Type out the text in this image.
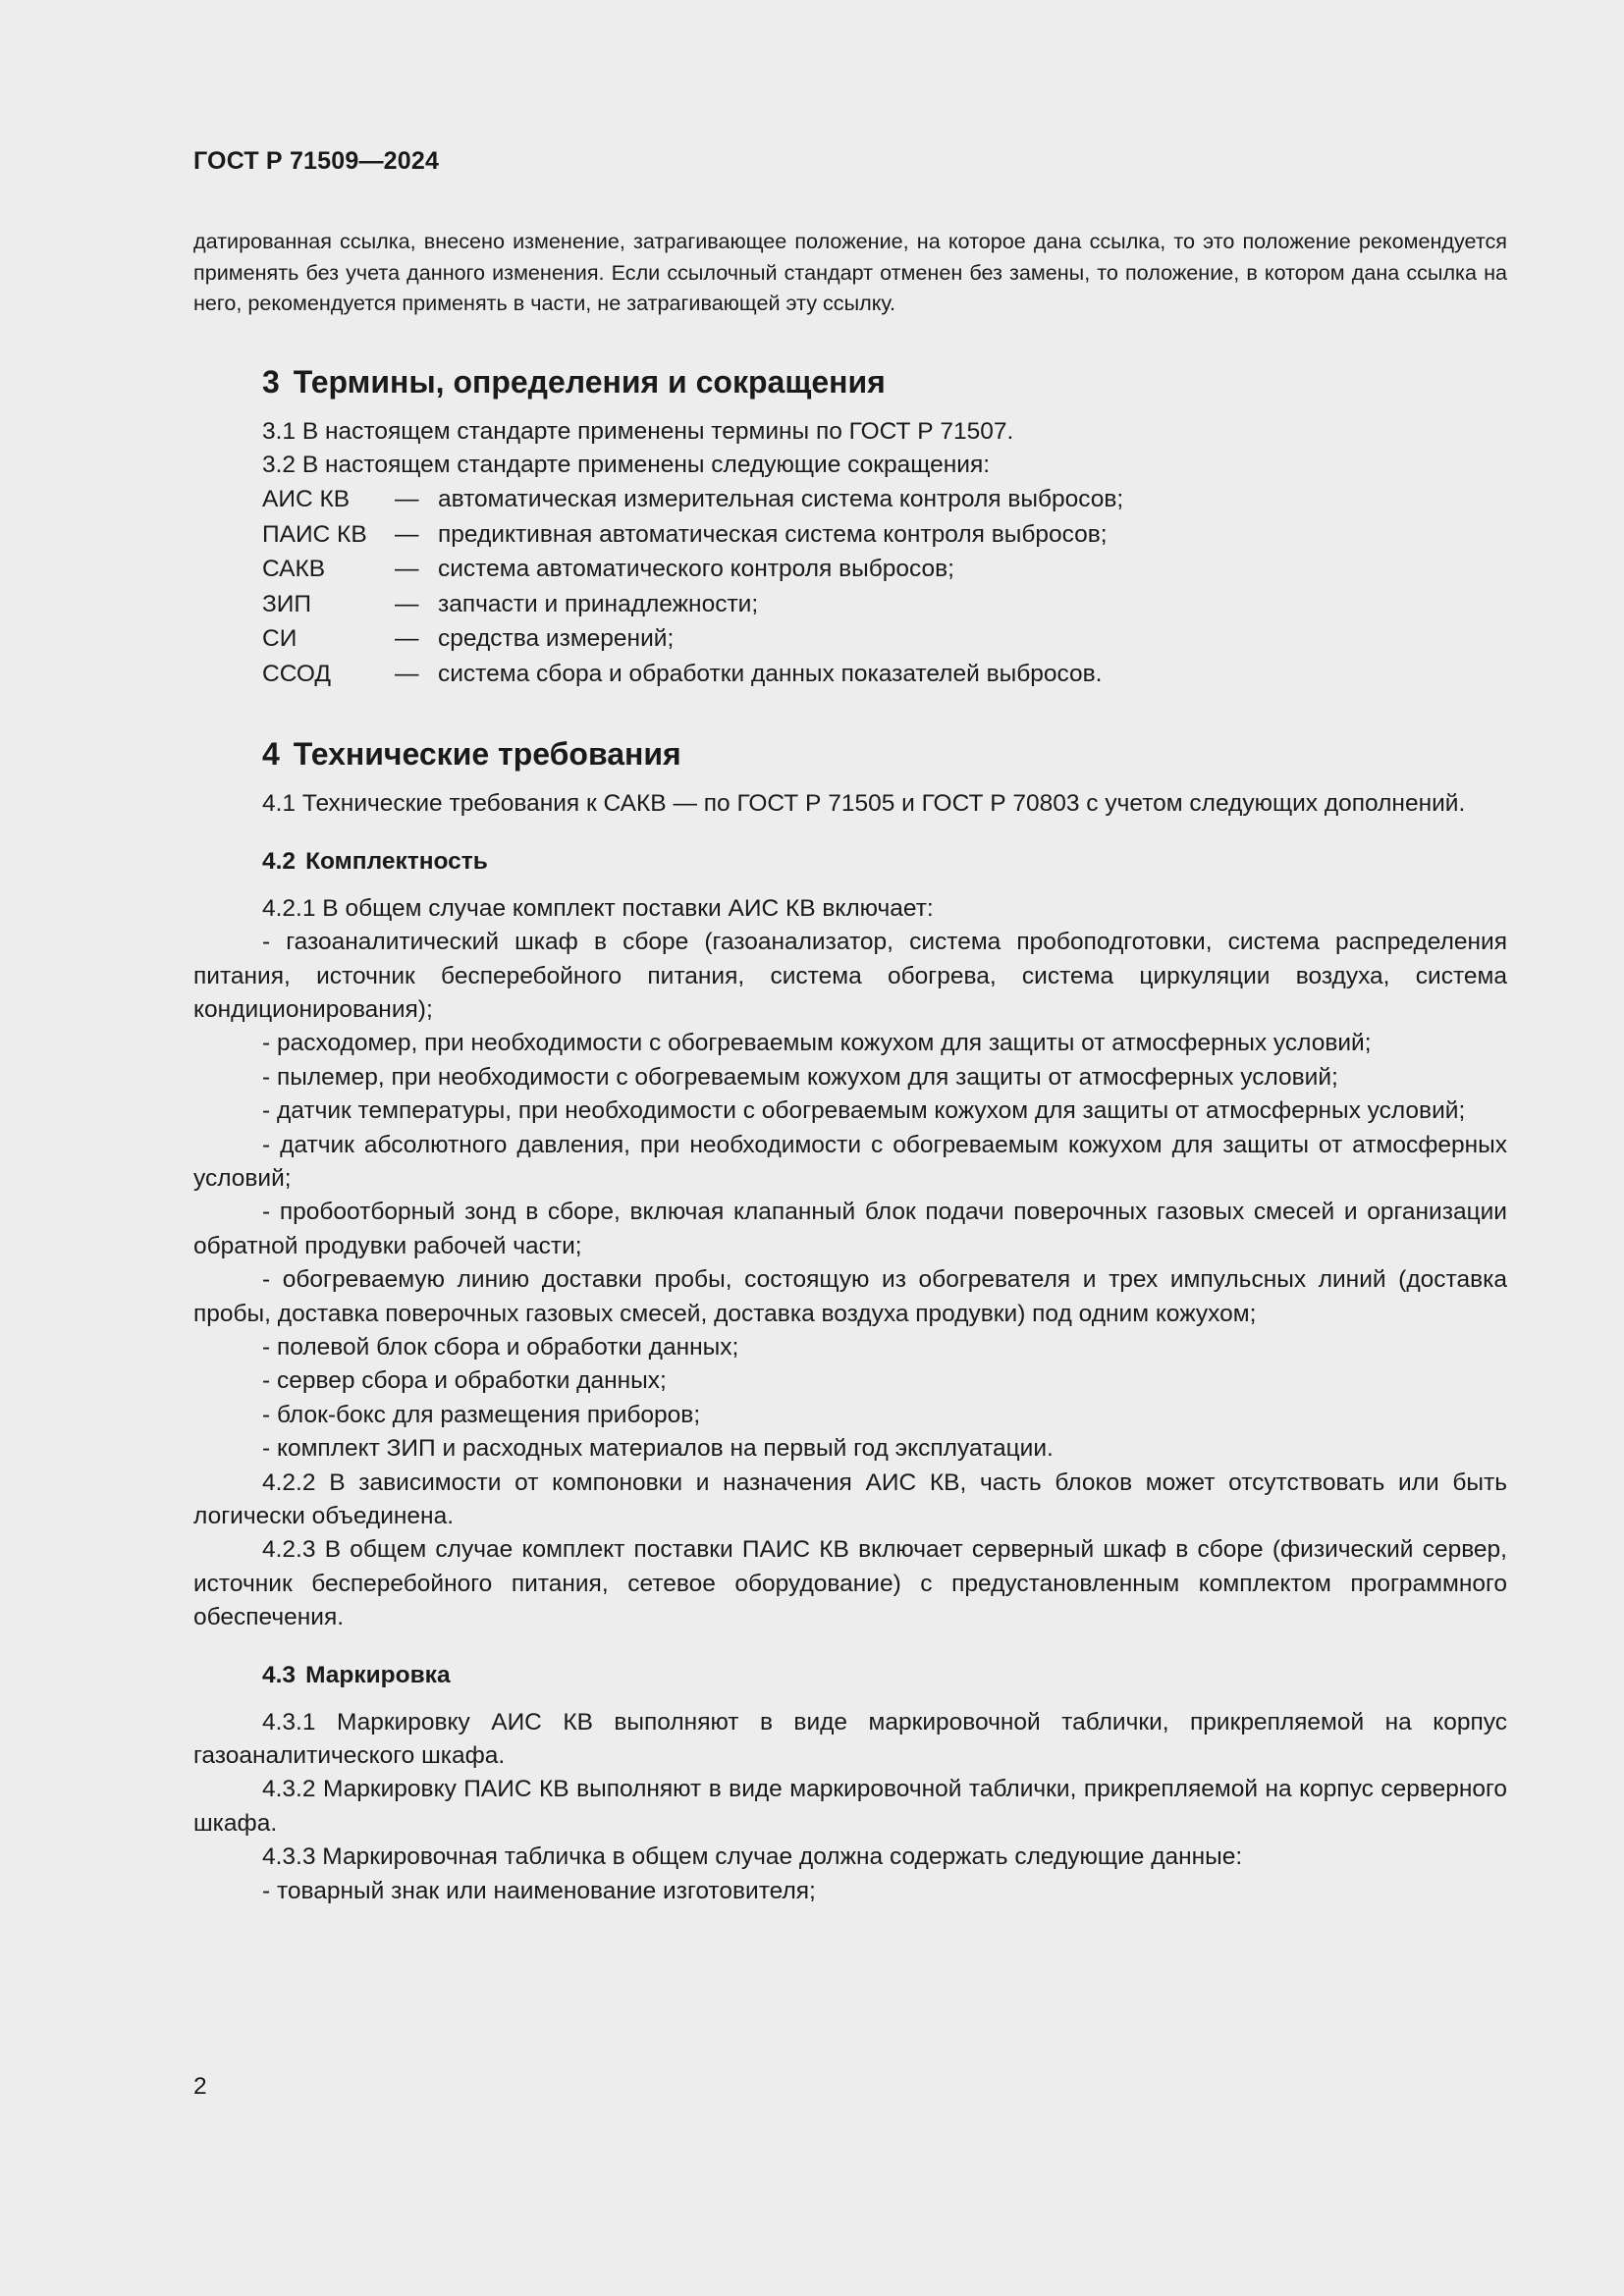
ГОСТ Р 71509—2024

датированная ссылка, внесено изменение, затрагивающее положение, на которое дана ссылка, то это положение рекомендуется применять без учета данного изменения. Если ссылочный стандарт отменен без замены, то положение, в котором дана ссылка на него, рекомендуется применять в части, не затрагивающей эту ссылку.

3 Термины, определения и сокращения

3.1 В настоящем стандарте применены термины по ГОСТ Р 71507.

3.2 В настоящем стандарте применены следующие сокращения:

АИС КВ	— автоматическая измерительная система контроля выбросов;
ПАИС КВ	— предиктивная автоматическая система контроля выбросов;
САКВ	— система автоматического контроля выбросов;
ЗИП	— запчасти и принадлежности;
СИ	— средства измерений;
ССОД	— система сбора и обработки данных показателей выбросов.
4 Технические требования

4.1 Технические требования к САКВ — по ГОСТ Р 71505 и ГОСТ Р 70803 с учетом следующих дополнений.

4.2 Комплектность

4.2.1 В общем случае комплект поставки АИС КВ включает:

- газоаналитический шкаф в сборе (газоанализатор, система пробоподготовки, система распределения питания, источник бесперебойного питания, система обогрева, система циркуляции воздуха, система кондиционирования);

- расходомер, при необходимости с обогреваемым кожухом для защиты от атмосферных условий;

- пылемер, при необходимости с обогреваемым кожухом для защиты от атмосферных условий;

- датчик температуры, при необходимости с обогреваемым кожухом для защиты от атмосферных условий;

- датчик абсолютного давления, при необходимости с обогреваемым кожухом для защиты от атмосферных условий;

- пробоотборный зонд в сборе, включая клапанный блок подачи поверочных газовых смесей и организации обратной продувки рабочей части;

- обогреваемую линию доставки пробы, состоящую из обогревателя и трех импульсных линий (доставка пробы, доставка поверочных газовых смесей, доставка воздуха продувки) под одним кожухом;

- полевой блок сбора и обработки данных;

- сервер сбора и обработки данных;

- блок-бокс для размещения приборов;

- комплект ЗИП и расходных материалов на первый год эксплуатации.

4.2.2 В зависимости от компоновки и назначения АИС КВ, часть блоков может отсутствовать или быть логически объединена.

4.2.3 В общем случае комплект поставки ПАИС КВ включает серверный шкаф в сборе (физический сервер, источник бесперебойного питания, сетевое оборудование) с предустановленным комплектом программного обеспечения.

4.3 Маркировка

4.3.1 Маркировку АИС КВ выполняют в виде маркировочной таблички, прикрепляемой на корпус газоаналитического шкафа.

4.3.2 Маркировку ПАИС КВ выполняют в виде маркировочной таблички, прикрепляемой на корпус серверного шкафа.

4.3.3 Маркировочная табличка в общем случае должна содержать следующие данные:

- товарный знак или наименование изготовителя;

2
